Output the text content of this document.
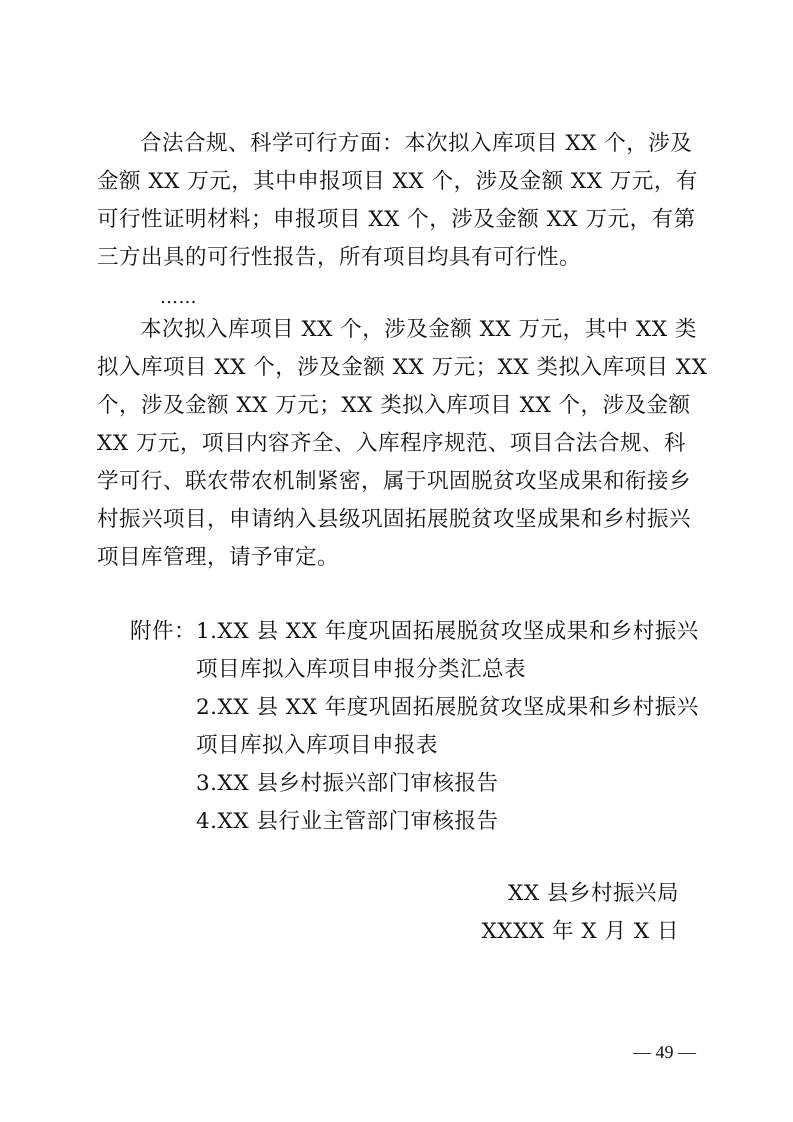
合法合规、科学可行方面：本次拟入库项目 XX 个，涉及
金额 XX 万元，其中申报项目 XX 个，涉及金额 XX 万元，有
可行性证明材料；申报项目 XX 个，涉及金额 XX 万元，有第
三方出具的可行性报告，所有项目均具有可行性。
……
本次拟入库项目 XX 个，涉及金额 XX 万元，其中 XX 类
拟入库项目 XX 个，涉及金额 XX 万元；XX 类拟入库项目 XX
个，涉及金额 XX 万元；XX 类拟入库项目 XX 个，涉及金额
XX 万元，项目内容齐全、入库程序规范、项目合法合规、科
学可行、联农带农机制紧密，属于巩固脱贫攻坚成果和衔接乡
村振兴项目，申请纳入县级巩固拓展脱贫攻坚成果和乡村振兴
项目库管理，请予审定。
附件： 1.XX 县 XX 年度巩固拓展脱贫攻坚成果和乡村振兴
项目库拟入库项目申报分类汇总表
2.XX 县 XX 年度巩固拓展脱贫攻坚成果和乡村振兴
项目库拟入库项目申报表
3.XX 县乡村振兴部门审核报告
4.XX 县行业主管部门审核报告
XX 县乡村振兴局
XXXX 年 X 月 X 日
— 49 —
